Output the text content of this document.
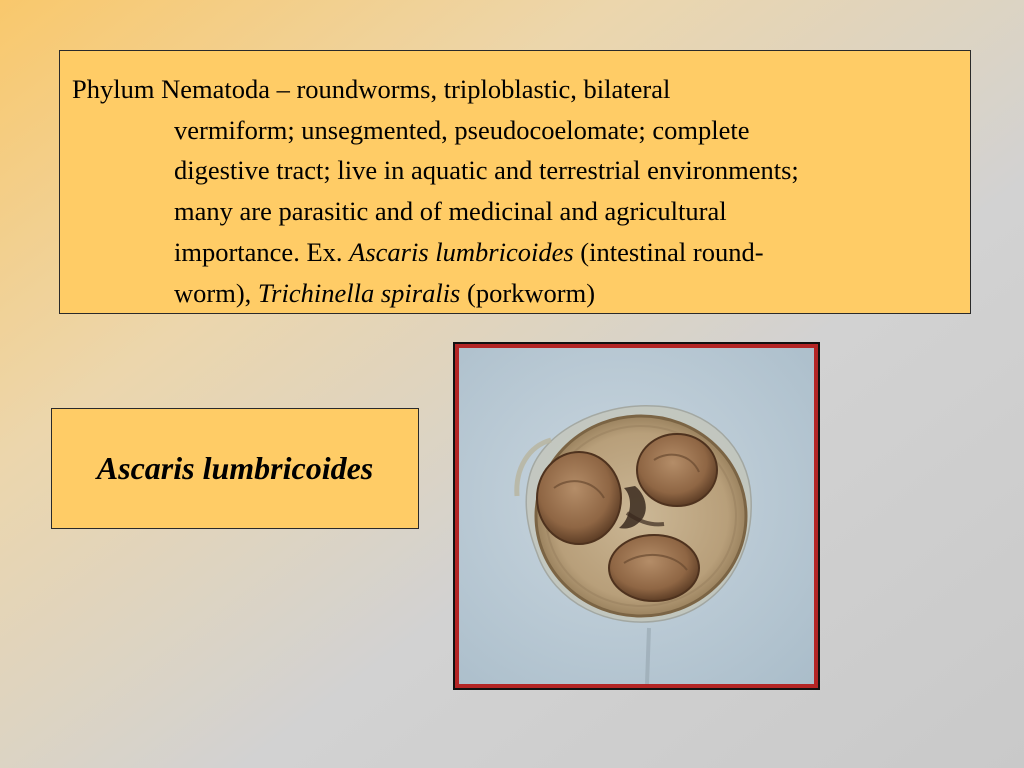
Phylum Nematoda – roundworms, triploblastic, bilateral
vermiform; unsegmented, pseudocoelomate; complete
digestive tract; live in aquatic and terrestrial environments;
many are parasitic and of medicinal and agricultural
importance. Ex. Ascaris lumbricoides (intestinal round-
worm), Trichinella spiralis (porkworm)

Ascaris lumbricoides
